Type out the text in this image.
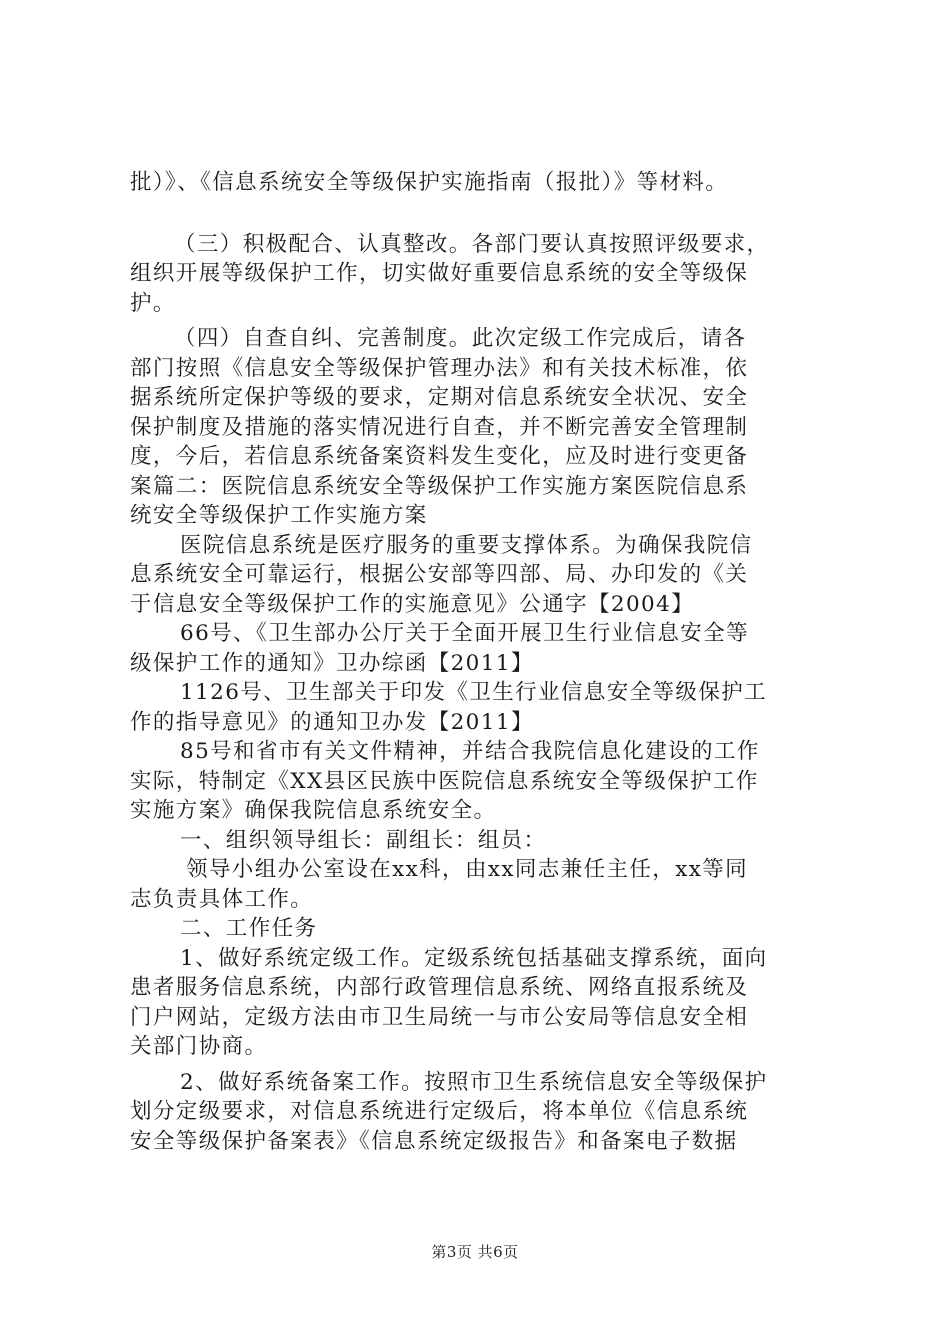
批）》、《信息系统安全等级保护实施指南（报批）》等材料。
（三）积极配合、认真整改。各部门要认真按照评级要求，
组织开展等级保护工作，切实做好重要信息系统的安全等级保
护。
（四）自查自纠、完善制度。此次定级工作完成后，请各
部门按照《信息安全等级保护管理办法》和有关技术标准，依
据系统所定保护等级的要求，定期对信息系统安全状况、安全
保护制度及措施的落实情况进行自查，并不断完善安全管理制
度，今后，若信息系统备案资料发生变化，应及时进行变更备
案篇二：医院信息系统安全等级保护工作实施方案医院信息系
统安全等级保护工作实施方案
医院信息系统是医疗服务的重要支撑体系。为确保我院信
息系统安全可靠运行，根据公安部等四部、局、办印发的《关
于信息安全等级保护工作的实施意见》公通字【2004】
66号、《卫生部办公厅关于全面开展卫生行业信息安全等
级保护工作的通知》卫办综函【2011】
1126号、卫生部关于印发《卫生行业信息安全等级保护工
作的指导意见》的通知卫办发【2011】
85号和省市有关文件精神，并结合我院信息化建设的工作
实际，特制定《XX县区民族中医院信息系统安全等级保护工作
实施方案》确保我院信息系统安全。
一、组织领导组长：副组长：组员：
领导小组办公室设在xx科，由xx同志兼任主任，xx等同
志负责具体工作。
二、工作任务
1、做好系统定级工作。定级系统包括基础支撑系统，面向
患者服务信息系统，内部行政管理信息系统、网络直报系统及
门户网站，定级方法由市卫生局统一与市公安局等信息安全相
关部门协商。
2、做好系统备案工作。按照市卫生系统信息安全等级保护
划分定级要求，对信息系统进行定级后，将本单位《信息系统
安全等级保护备案表》《信息系统定级报告》和备案电子数据
第3页 共6页
